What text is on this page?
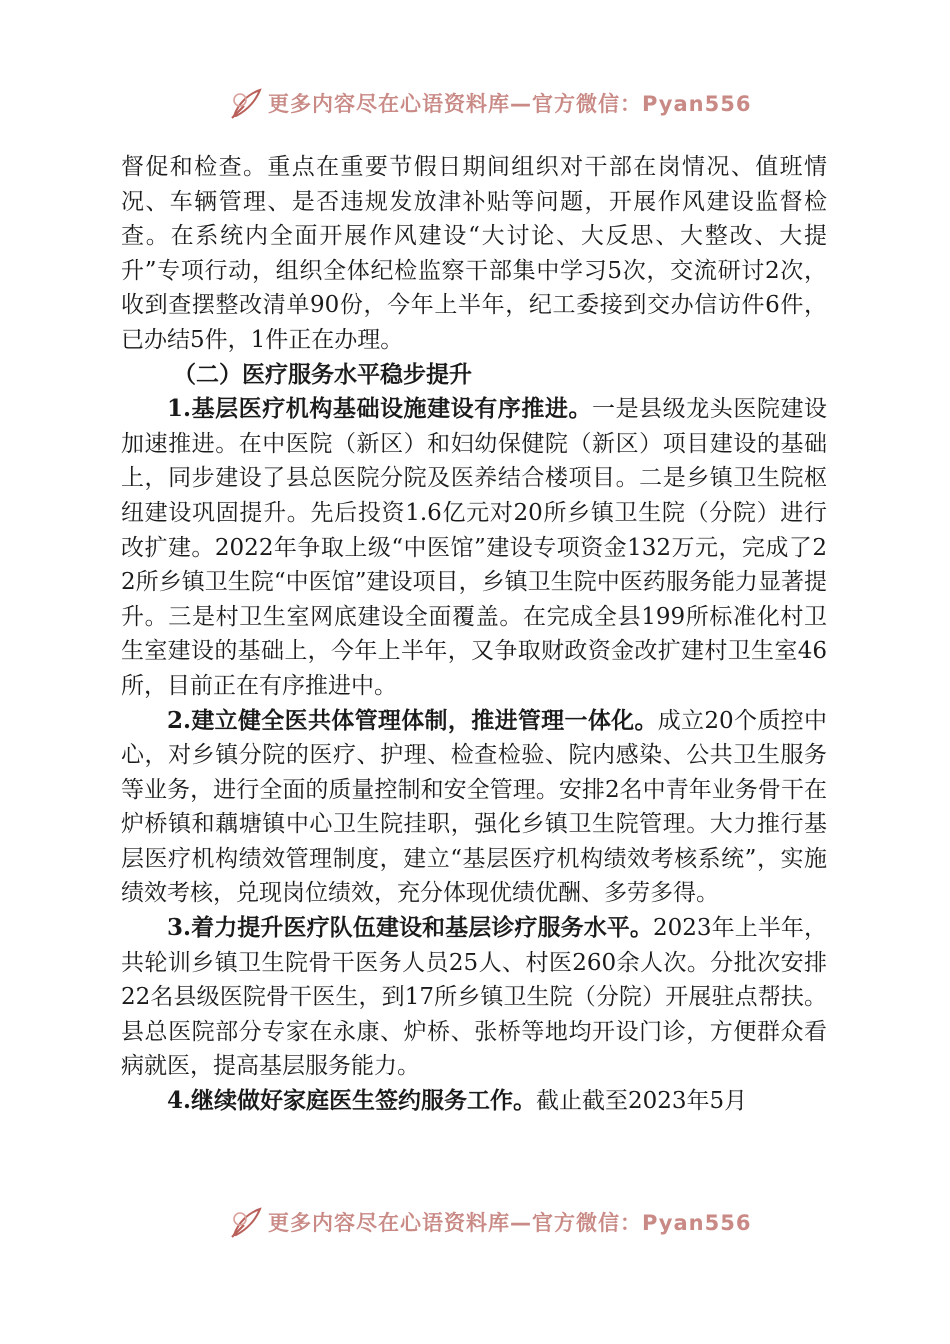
更多内容尽在心语资料库—官方微信：Pyan556

督促和检查。重点在重要节假日期间组织对干部在岗情况、值班情况、车辆管理、是否违规发放津补贴等问题，开展作风建设监督检查。在系统内全面开展作风建设“大讨论、大反思、大整改、大提升”专项行动，组织全体纪检监察干部集中学习5次，交流研讨2次，收到查摆整改清单90份，今年上半年，纪工委接到交办信访件6件，已办结5件，1件正在办理。

（二）医疗服务水平稳步提升

1.基层医疗机构基础设施建设有序推进。一是县级龙头医院建设加速推进。在中医院（新区）和妇幼保健院（新区）项目建设的基础上，同步建设了县总医院分院及医养结合楼项目。二是乡镇卫生院枢纽建设巩固提升。先后投资1.6亿元对20所乡镇卫生院（分院）进行改扩建。2022年争取上级“中医馆”建设专项资金132万元，完成了22所乡镇卫生院“中医馆”建设项目，乡镇卫生院中医药服务能力显著提升。三是村卫生室网底建设全面覆盖。在完成全县199所标准化村卫生室建设的基础上，今年上半年，又争取财政资金改扩建村卫生室46所，目前正在有序推进中。

2.建立健全医共体管理体制，推进管理一体化。成立20个质控中心，对乡镇分院的医疗、护理、检查检验、院内感染、公共卫生服务等业务，进行全面的质量控制和安全管理。安排2名中青年业务骨干在炉桥镇和藕塘镇中心卫生院挂职，强化乡镇卫生院管理。大力推行基层医疗机构绩效管理制度，建立“基层医疗机构绩效考核系统”，实施绩效考核，兑现岗位绩效，充分体现优绩优酬、多劳多得。

3.着力提升医疗队伍建设和基层诊疗服务水平。2023年上半年，共轮训乡镇卫生院骨干医务人员25人、村医260余人次。分批次安排22名县级医院骨干医生，到17所乡镇卫生院（分院）开展驻点帮扶。县总医院部分专家在永康、炉桥、张桥等地均开设门诊，方便群众看病就医，提高基层服务能力。

4.继续做好家庭医生签约服务工作。截止截至2023年5月

更多内容尽在心语资料库—官方微信：Pyan556
